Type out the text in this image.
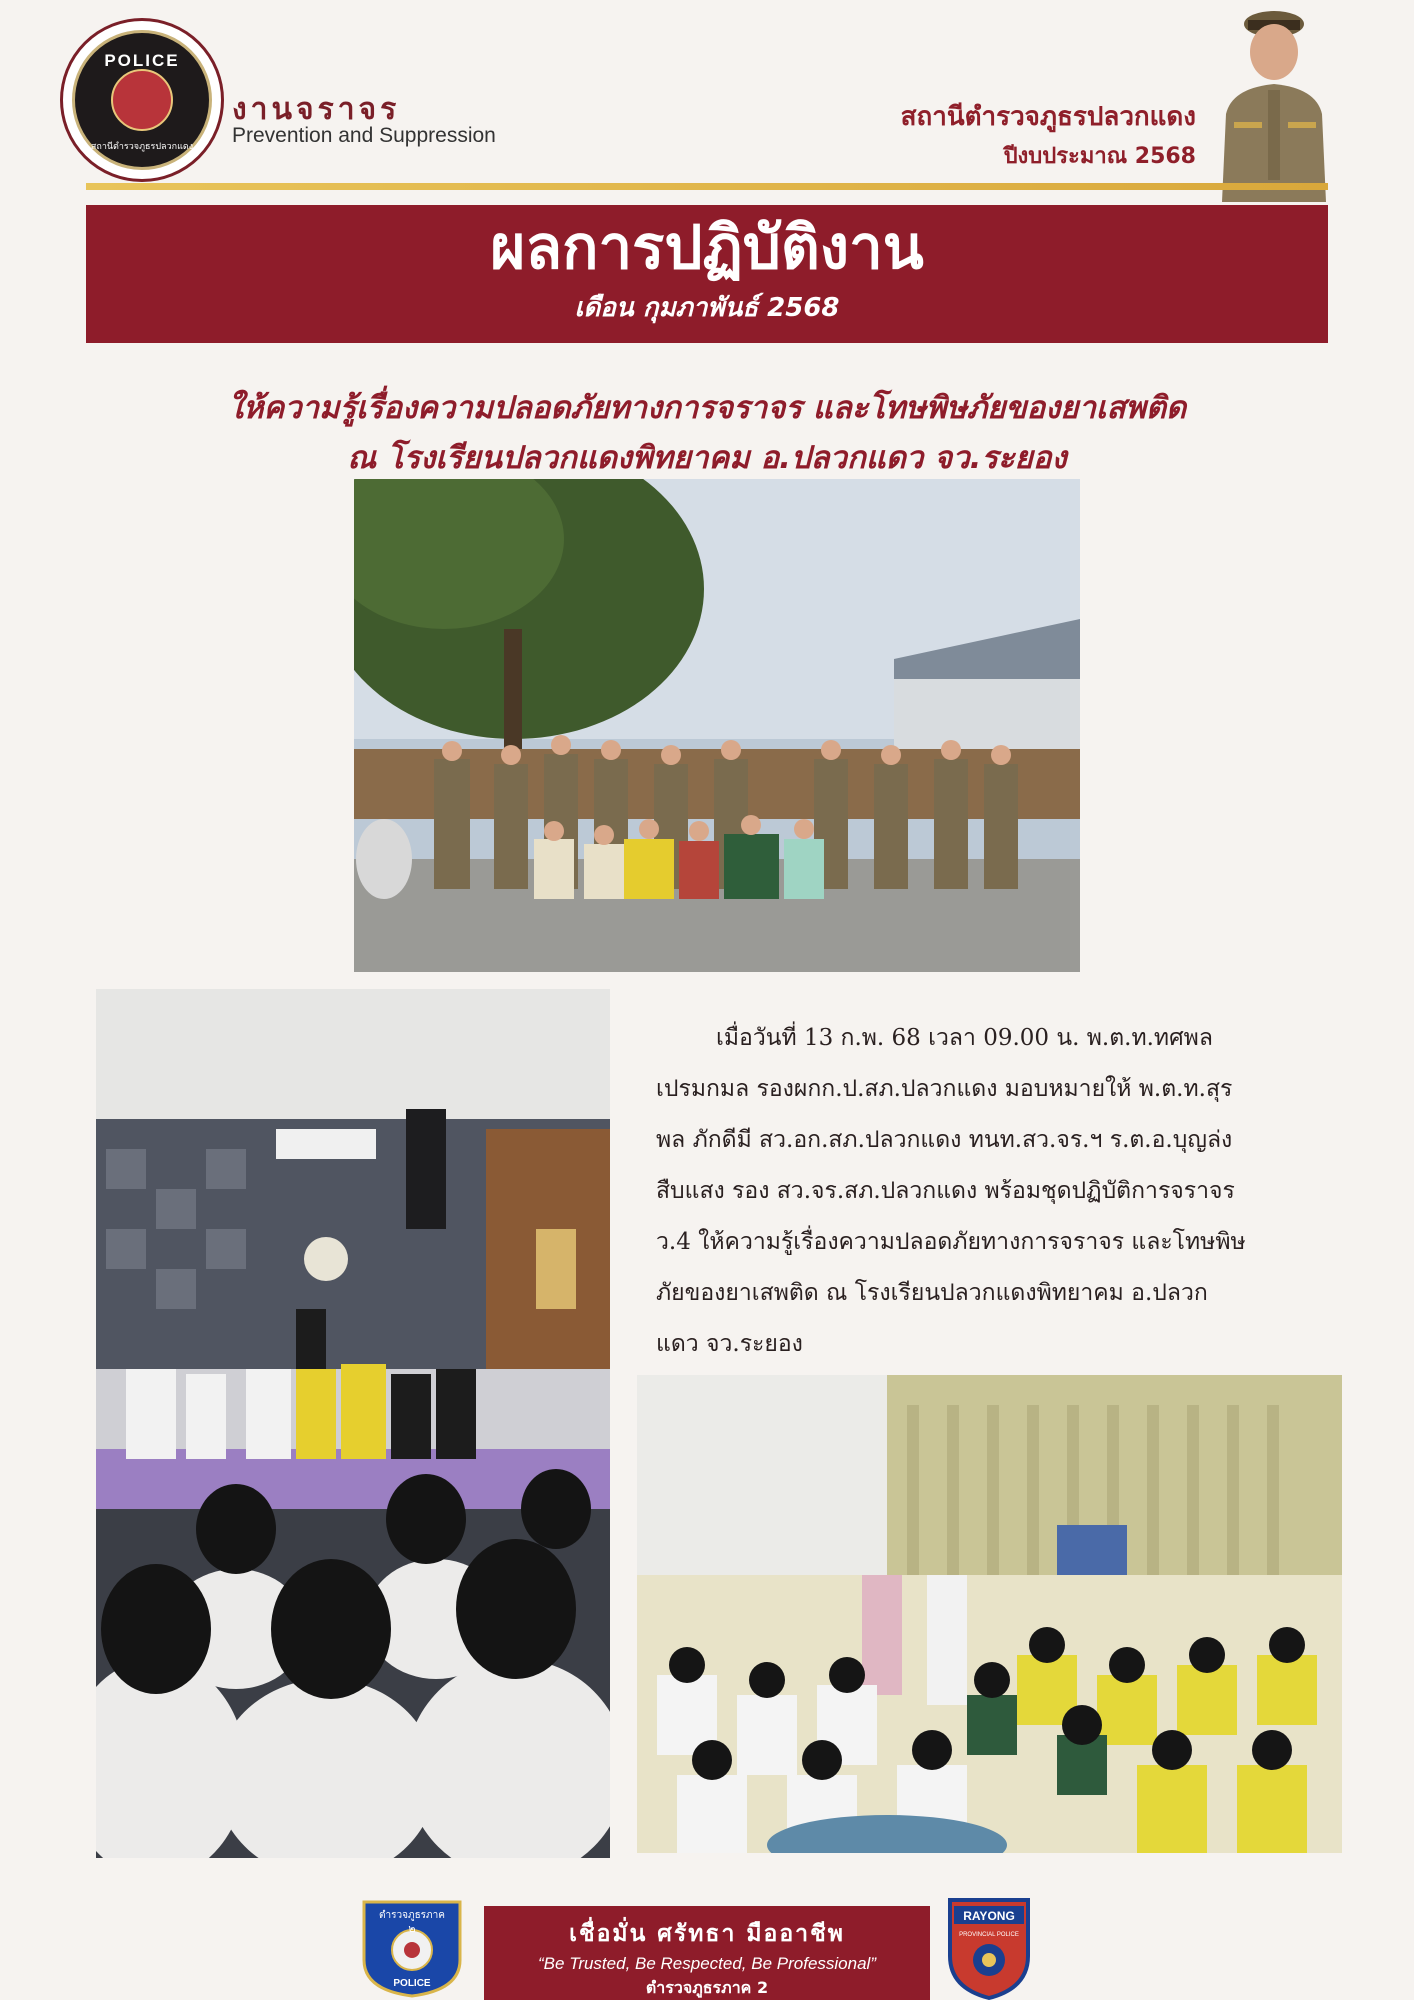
POLICE
สถานีตำรวจภูธรปลวกแดง
งานจราจร
Prevention and Suppression
สถานีตำรวจภูธรปลวกแดง
ปีงบประมาณ 2568
ผลการปฏิบัติงาน
เดือน กุมภาพันธ์ 2568
ให้ความรู้เรื่องความปลอดภัยทางการจราจร และโทษพิษภัยของยาเสพติด
ณ โรงเรียนปลวกแดงพิทยาคม อ.ปลวกแดว จว.ระยอง
เมื่อวันที่ 13 ก.พ. 68 เวลา 09.00 น. พ.ต.ท.ทศพล
เปรมกมล รองผกก.ป.สภ.ปลวกแดง มอบหมายให้ พ.ต.ท.สุร
พล ภักดีมี สว.อก.สภ.ปลวกแดง ทนท.สว.จร.ฯ ร.ต.อ.บุญล่ง
สืบแสง รอง สว.จร.สภ.ปลวกแดง พร้อมชุดปฏิบัติการจราจร
ว.4 ให้ความรู้เรื่องความปลอดภัยทางการจราจร และโทษพิษ
ภัยของยาเสพติด ณ โรงเรียนปลวกแดงพิทยาคม อ.ปลวก
แดว จว.ระยอง
ตำรวจภูธรภาค
๒
POLICE
เชื่อมั่น ศรัทธา มืออาชีพ
“Be Trusted, Be Respected, Be Professional”
ตำรวจภูธรภาค 2
RAYONG
PROVINCIAL POLICE
